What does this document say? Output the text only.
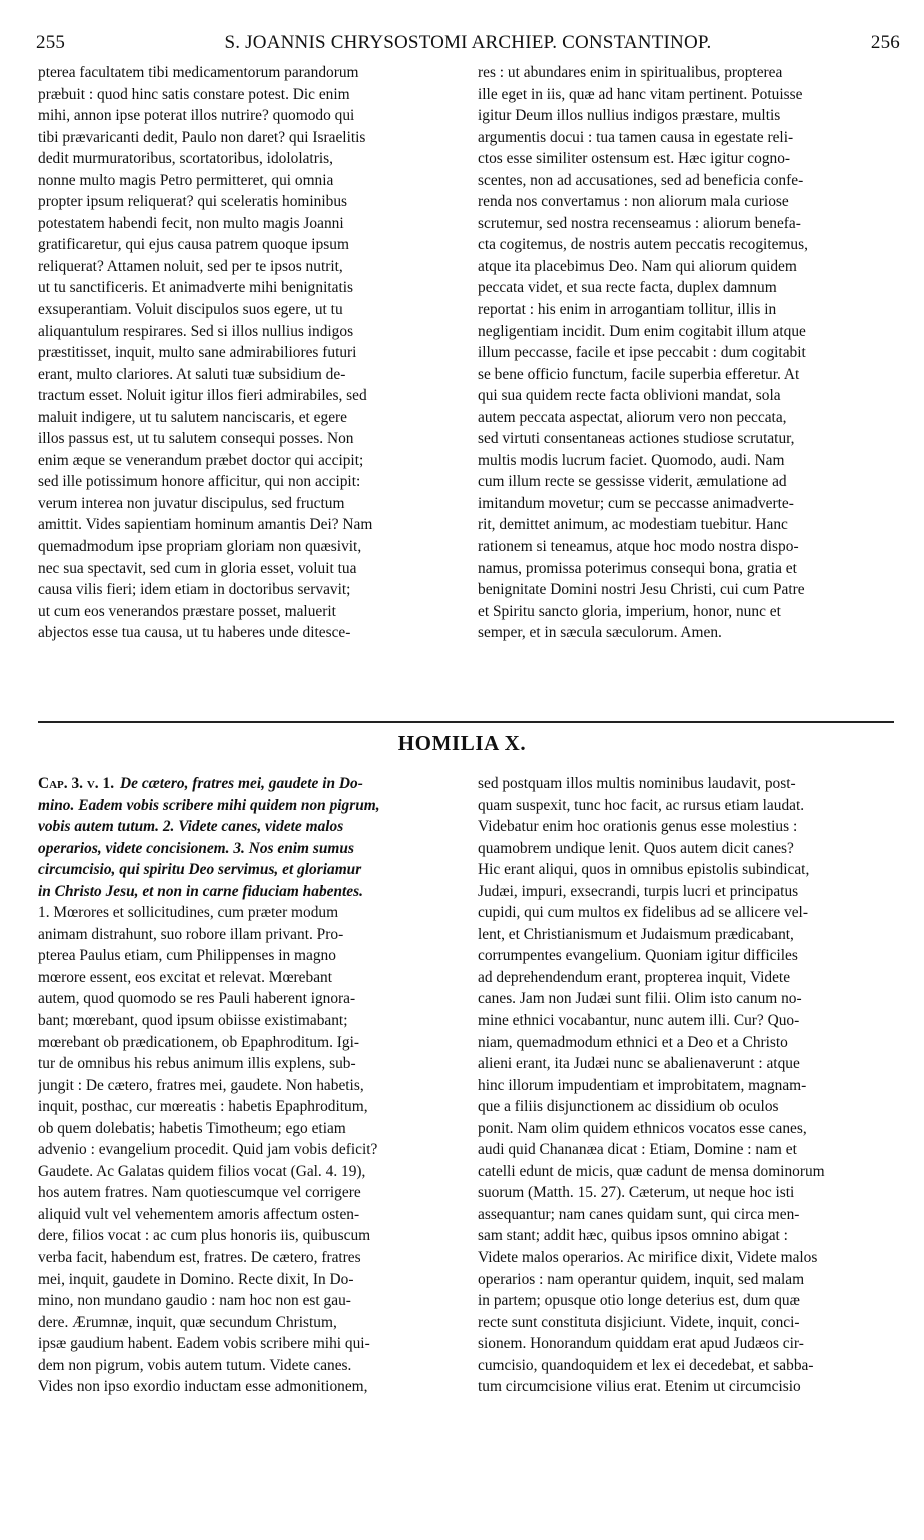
255	S. JOANNIS CHRYSOSTOMI ARCHIEP. CONSTANTINOP.	256
pterea facultatem tibi medicamentorum parandorum
præbuit : quod hinc satis constare potest. Dic enim
mihi, annon ipse poterat illos nutrire? quomodo qui
tibi prævaricanti dedit, Paulo non daret? qui Israelitis
dedit murmuratoribus, scortatoribus, idololatris,
nonne multo magis Petro permitteret, qui omnia
propter ipsum reliquerat? qui sceleratis hominibus
potestatem habendi fecit, non multo magis Joanni
gratificaretur, qui ejus causa patrem quoque ipsum
reliquerat? Attamen noluit, sed per te ipsos nutrit,
ut tu sanctificeris. Et animadverte mihi benignitatis
exsuperantiam. Voluit discipulos suos egere, ut tu
aliquantulum respirares. Sed si illos nullius indigos
præstitisset, inquit, multo sane admirabiliores futuri
erant, multo clariores. At saluti tuæ subsidium de-
tractum esset. Noluit igitur illos fieri admirabiles, sed
maluit indigere, ut tu salutem nanciscaris, et egere
illos passus est, ut tu salutem consequi posses. Non
enim æque se venerandum præbet doctor qui accipit;
sed ille potissimum honore afficitur, qui non accipit:
verum interea non juvatur discipulus, sed fructum
amittit. Vides sapientiam hominum amantis Dei? Nam
quemadmodum ipse propriam gloriam non quæsivit,
nec sua spectavit, sed cum in gloria esset, voluit tua
causa vilis fieri; idem etiam in doctoribus servavit;
ut cum eos venerandos præstare posset, maluerit
abjectos esse tua causa, ut tu haberes unde ditesce-
res : ut abundares enim in spiritualibus, propterea
ille eget in iis, quæ ad hanc vitam pertinent. Potuisse
igitur Deum illos nullius indigos præstare, multis
argumentis docui : tua tamen causa in egestate reli-
ctos esse similiter ostensum est. Hæc igitur cogno-
scentes, non ad accusationes, sed ad beneficia confe-
renda nos convertamus : non aliorum mala curiose
scrutemur, sed nostra recenseamus : aliorum benefa-
cta cogitemus, de nostris autem peccatis recogitemus,
atque ita placebimus Deo. Nam qui aliorum quidem
peccata videt, et sua recte facta, duplex damnum
reportat : his enim in arrogantiam tollitur, illis in
negligentiam incidit. Dum enim cogitabit illum atque
illum peccasse, facile et ipse peccabit : dum cogitabit
se bene officio functum, facile superbia efferetur. At
qui sua quidem recte facta oblivioni mandat, sola
autem peccata aspectat, aliorum vero non peccata,
sed virtuti consentaneas actiones studiose scrutatur,
multis modis lucrum faciet. Quomodo, audi. Nam
cum illum recte se gessisse viderit, æmulatione ad
imitandum movetur; cum se peccasse animadverte-
rit, demittet animum, ac modestiam tuebitur. Hanc
rationem si teneamus, atque hoc modo nostra dispo-
namus, promissa poterimus consequi bona, gratia et
benignitate Domini nostri Jesu Christi, cui cum Patre
et Spiritu sancto gloria, imperium, honor, nunc et
semper, et in sæcula sæculorum. Amen.
HOMILIA X.
Cap. 3. v. 1. De cætero, fratres mei, gaudete in Do-
mino. Eadem vobis scribere mihi quidem non pigrum,
vobis autem tutum. 2. Videte canes, videte malos
operarios, videte concisionem. 3. Nos enim sumus
circumcisio, qui spiritu Deo servimus, et gloriamur
in Christo Jesu, et non in carne fiduciam habentes.
1. Mœrores et sollicitudines, cum præter modum
animam distrahunt, suo robore illam privant. Pro-
pterea Paulus etiam, cum Philippenses in magno
mœrore essent, eos excitat et relevat. Mœrebant
autem, quod quomodo se res Pauli haberent ignora-
bant; mœrebant, quod ipsum obiisse existimabant;
mœrebant ob prædicationem, ob Epaphroditum. Igi-
tur de omnibus his rebus animum illis explens, sub-
jungit : De cætero, fratres mei, gaudete. Non habetis,
inquit, posthac, cur mœreatis : habetis Epaphroditum,
ob quem dolebatis; habetis Timotheum; ego etiam
advenio : evangelium procedit. Quid jam vobis deficit?
Gaudete. Ac Galatas quidem filios vocat (Gal. 4. 19),
hos autem fratres. Nam quotiescumque vel corrigere
aliquid vult vel vehementem amoris affectum osten-
dere, filios vocat : ac cum plus honoris iis, quibuscum
verba facit, habendum est, fratres. De cætero, fratres
mei, inquit, gaudete in Domino. Recte dixit, In Do-
mino, non mundano gaudio : nam hoc non est gau-
dere. Ærumnæ, inquit, quæ secundum Christum,
ipsæ gaudium habent. Eadem vobis scribere mihi qui-
dem non pigrum, vobis autem tutum. Videte canes.
Vides non ipso exordio inductam esse admonitionem,
sed postquam illos multis nominibus laudavit, post-
quam suspexit, tunc hoc facit, ac rursus etiam laudat.
Videbatur enim hoc orationis genus esse molestius :
quamobrem undique lenit. Quos autem dicit canes?
Hic erant aliqui, quos in omnibus epistolis subindicat,
Judæi, impuri, exsecrandi, turpis lucri et principatus
cupidi, qui cum multos ex fidelibus ad se allicere vel-
lent, et Christianismum et Judaismum prædicabant,
corrumpentes evangelium. Quoniam igitur difficiles
ad deprehendendum erant, propterea inquit, Videte
canes. Jam non Judæi sunt filii. Olim isto canum no-
mine ethnici vocabantur, nunc autem illi. Cur? Quo-
niam, quemadmodum ethnici et a Deo et a Christo
alieni erant, ita Judæi nunc se abalienaverunt : atque
hinc illorum impudentiam et improbitatem, magnam-
que a filiis disjunctionem ac dissidium ob oculos
ponit. Nam olim quidem ethnicos vocatos esse canes,
audi quid Chananæa dicat : Etiam, Domine : nam et
catelli edunt de micis, quæ cadunt de mensa dominorum
suorum (Matth. 15. 27). Cæterum, ut neque hoc isti
assequantur; nam canes quidam sunt, qui circa men-
sam stant; addit hæc, quibus ipsos omnino abigat :
Videte malos operarios. Ac mirifice dixit, Videte malos
operarios : nam operantur quidem, inquit, sed malam
in partem; opusque otio longe deterius est, dum quæ
recte sunt constituta disjiciunt. Videte, inquit, conci-
sionem. Honorandum quiddam erat apud Judæos cir-
cumcisio, quandoquidem et lex ei decedebat, et sabba-
tum circumcisione vilius erat. Etenim ut circumcisio
